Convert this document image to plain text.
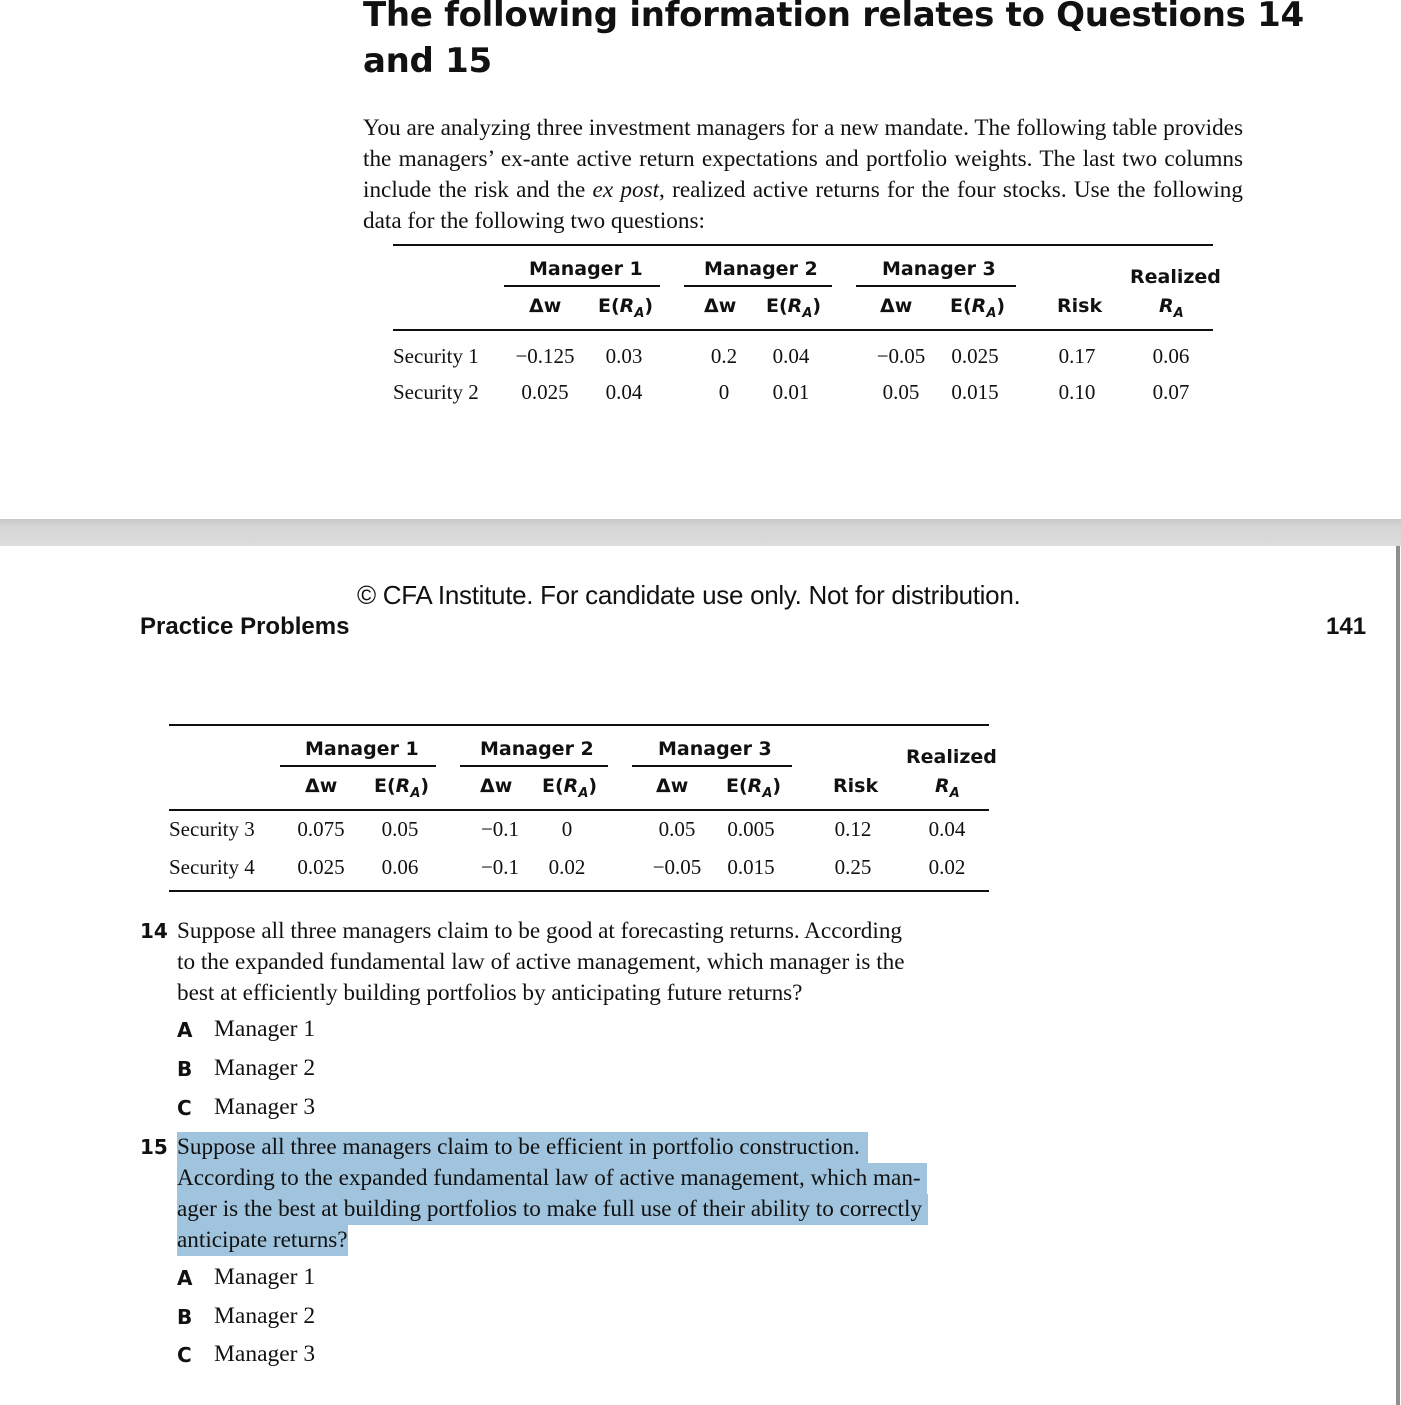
The following information relates to Questions 14 and 15
You are analyzing three investment managers for a new mandate. The following table provides the managers’ ex-ante active return expectations and portfolio weights. The last two columns include the risk and the ex post, realized active returns for the four stocks. Use the following data for the following two questions:
Manager 1	Manager 2	Manager 3	Realized
Δw $E(R_A)$	Δw $E(R_A)$	Δw $E(R_A)$	Risk	$R_A$
Security 1 −0.125 0.03	0.2 0.04	−0.05 0.025	0.17	0.06
Security 2 0.025 0.04	0 0.01	0.05 0.015	0.10	0.07
© CFA Institute. For candidate use only. Not for distribution.
Practice Problems	141
Manager 1	Manager 2	Manager 3	Realized
Δw $E(R_A)$	Δw $E(R_A)$	Δw $E(R_A)$	Risk	$R_A$
Security 3 0.075 0.05	−0.1 0	0.05 0.005	0.12	0.04
Security 4 0.025 0.06	−0.1 0.02	−0.05 0.015	0.25	0.02
14 Suppose all three managers claim to be good at forecasting returns. According
to the expanded fundamental law of active management, which manager is the
best at efficiently building portfolios by anticipating future returns?
A Manager 1
B Manager 2
C Manager 3
15 Suppose all three managers claim to be efficient in portfolio construction.
According to the expanded fundamental law of active management, which man-
ager is the best at building portfolios to make full use of their ability to correctly
anticipate returns?
A Manager 1
B Manager 2
C Manager 3
